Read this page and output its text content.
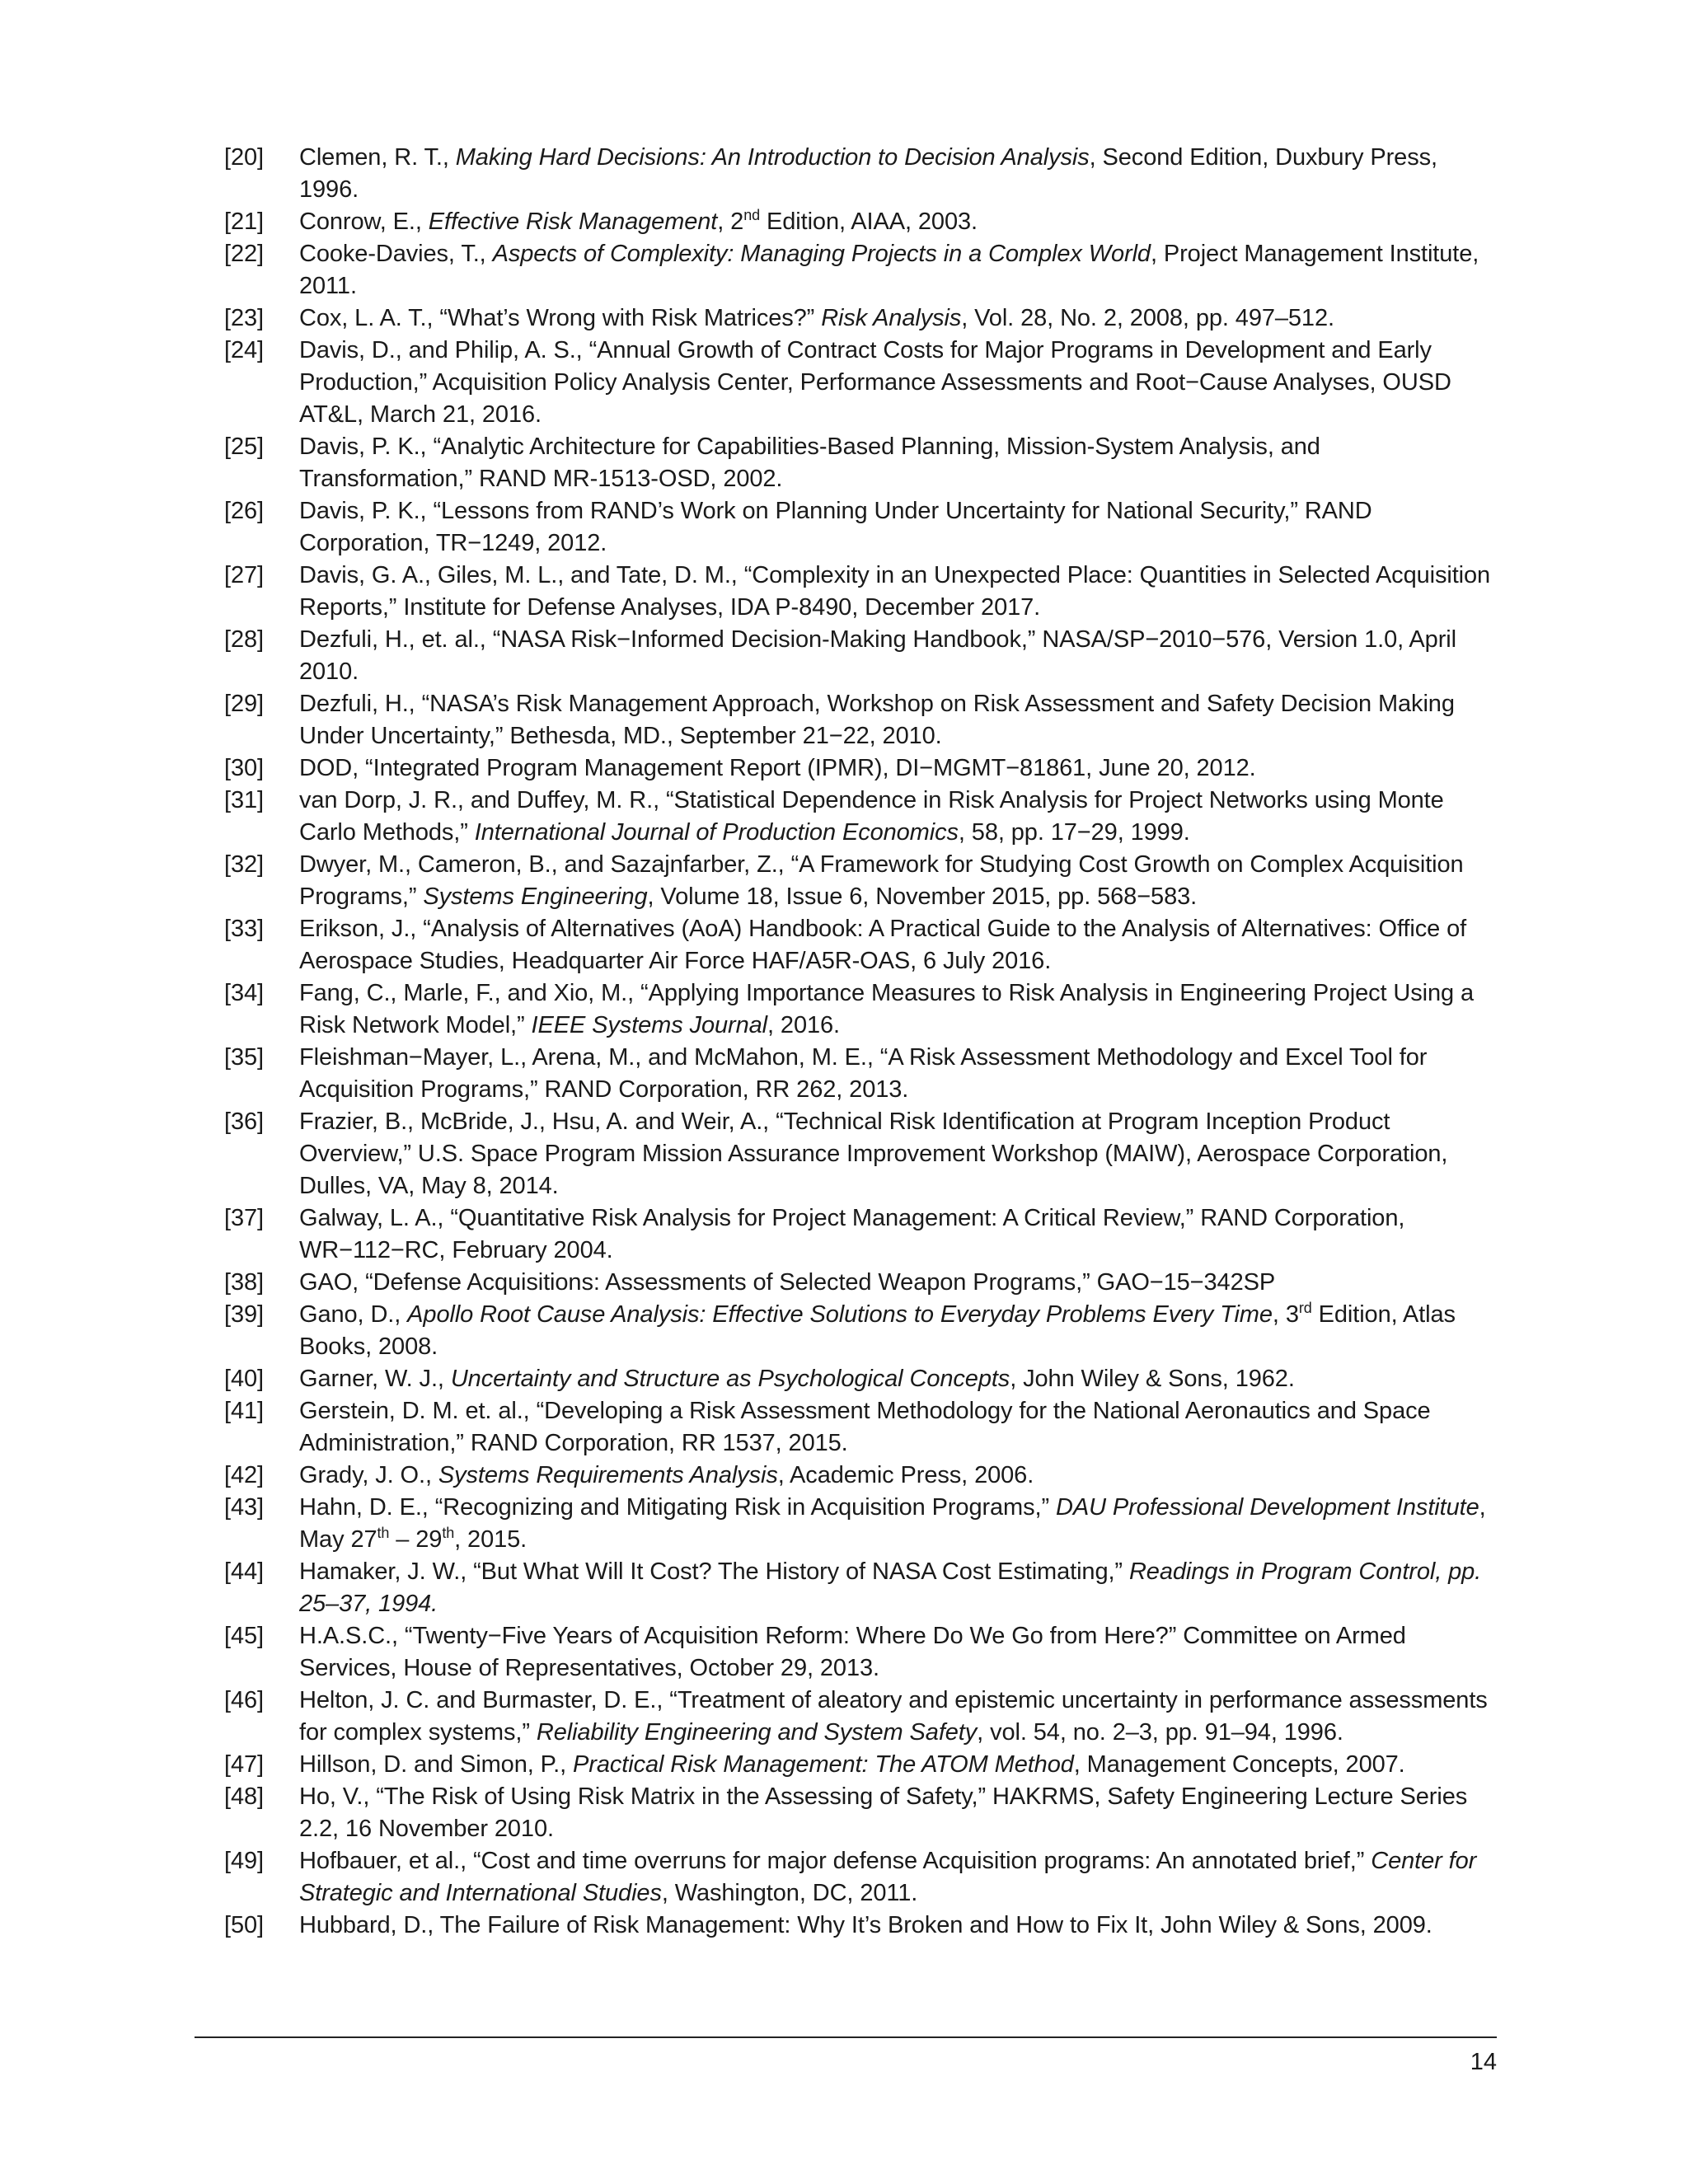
[20]	Clemen, R. T., Making Hard Decisions: An Introduction to Decision Analysis, Second Edition, Duxbury Press, 1996.
[21]	Conrow, E., Effective Risk Management, 2nd Edition, AIAA, 2003.
[22]	Cooke-Davies, T., Aspects of Complexity: Managing Projects in a Complex World, Project Management Institute, 2011.
[23]	Cox, L. A. T., “What’s Wrong with Risk Matrices?” Risk Analysis, Vol. 28, No. 2, 2008, pp. 497–512.
[24]	Davis, D., and Philip, A. S., “Annual Growth of Contract Costs for Major Programs in Development and Early Production,” Acquisition Policy Analysis Center, Performance Assessments and Root−Cause Analyses, OUSD AT&L, March 21, 2016.
[25]	Davis, P. K., “Analytic Architecture for Capabilities-Based Planning, Mission-System Analysis, and Transformation,” RAND MR-1513-OSD, 2002.
[26]	Davis, P. K., “Lessons from RAND’s Work on Planning Under Uncertainty for National Security,” RAND Corporation, TR−1249, 2012.
[27]	Davis, G. A., Giles, M. L., and Tate, D. M., “Complexity in an Unexpected Place: Quantities in Selected Acquisition Reports,” Institute for Defense Analyses, IDA P-8490, December 2017.
[28]	Dezfuli, H., et. al., “NASA Risk−Informed Decision-Making Handbook,” NASA/SP−2010−576, Version 1.0, April 2010.
[29]	Dezfuli, H., “NASA’s Risk Management Approach, Workshop on Risk Assessment and Safety Decision Making Under Uncertainty,” Bethesda, MD., September 21−22, 2010.
[30]	DOD, “Integrated Program Management Report (IPMR), DI−MGMT−81861, June 20, 2012.
[31]	van Dorp, J. R., and Duffey, M. R., “Statistical Dependence in Risk Analysis for Project Networks using Monte Carlo Methods,” International Journal of Production Economics, 58, pp. 17−29, 1999.
[32]	Dwyer, M., Cameron, B., and Sazajnfarber, Z., “A Framework for Studying Cost Growth on Complex Acquisition Programs,” Systems Engineering, Volume 18, Issue 6, November 2015, pp. 568−583.
[33]	Erikson, J., “Analysis of Alternatives (AoA) Handbook: A Practical Guide to the Analysis of Alternatives: Office of Aerospace Studies, Headquarter Air Force HAF/A5R-OAS, 6 July 2016.
[34]	Fang, C., Marle, F., and Xio, M., “Applying Importance Measures to Risk Analysis in Engineering Project Using a Risk Network Model,” IEEE Systems Journal, 2016.
[35]	Fleishman−Mayer, L., Arena, M., and McMahon, M. E., “A Risk Assessment Methodology and Excel Tool for Acquisition Programs,” RAND Corporation, RR 262, 2013.
[36]	Frazier, B., McBride, J., Hsu, A. and Weir, A., “Technical Risk Identification at Program Inception Product Overview,” U.S. Space Program Mission Assurance Improvement Workshop (MAIW), Aerospace Corporation, Dulles, VA, May 8, 2014.
[37]	Galway, L. A., “Quantitative Risk Analysis for Project Management: A Critical Review,” RAND Corporation, WR−112−RC, February 2004.
[38]	GAO, “Defense Acquisitions: Assessments of Selected Weapon Programs,” GAO−15−342SP
[39]	Gano, D., Apollo Root Cause Analysis: Effective Solutions to Everyday Problems Every Time, 3rd Edition, Atlas Books, 2008.
[40]	Garner, W. J., Uncertainty and Structure as Psychological Concepts, John Wiley & Sons, 1962.
[41]	Gerstein, D. M. et. al., “Developing a Risk Assessment Methodology for the National Aeronautics and Space Administration,” RAND Corporation, RR 1537, 2015.
[42]	Grady, J. O., Systems Requirements Analysis, Academic Press, 2006.
[43]	Hahn, D. E., “Recognizing and Mitigating Risk in Acquisition Programs,” DAU Professional Development Institute, May 27th – 29th, 2015.
[44]	Hamaker, J. W., “But What Will It Cost? The History of NASA Cost Estimating,” Readings in Program Control, pp. 25–37, 1994.
[45]	H.A.S.C., “Twenty−Five Years of Acquisition Reform: Where Do We Go from Here?” Committee on Armed Services, House of Representatives, October 29, 2013.
[46]	Helton, J. C. and Burmaster, D. E., “Treatment of aleatory and epistemic uncertainty in performance assessments for complex systems,” Reliability Engineering and System Safety, vol. 54, no. 2–3, pp. 91–94, 1996.
[47]	Hillson, D. and Simon, P., Practical Risk Management: The ATOM Method, Management Concepts, 2007.
[48]	Ho, V., “The Risk of Using Risk Matrix in the Assessing of Safety,” HAKRMS, Safety Engineering Lecture Series 2.2, 16 November 2010.
[49]	Hofbauer, et al., “Cost and time overruns for major defense Acquisition programs: An annotated brief,” Center for Strategic and International Studies, Washington, DC, 2011.
[50]	Hubbard, D., The Failure of Risk Management: Why It’s Broken and How to Fix It, John Wiley & Sons, 2009.
14
